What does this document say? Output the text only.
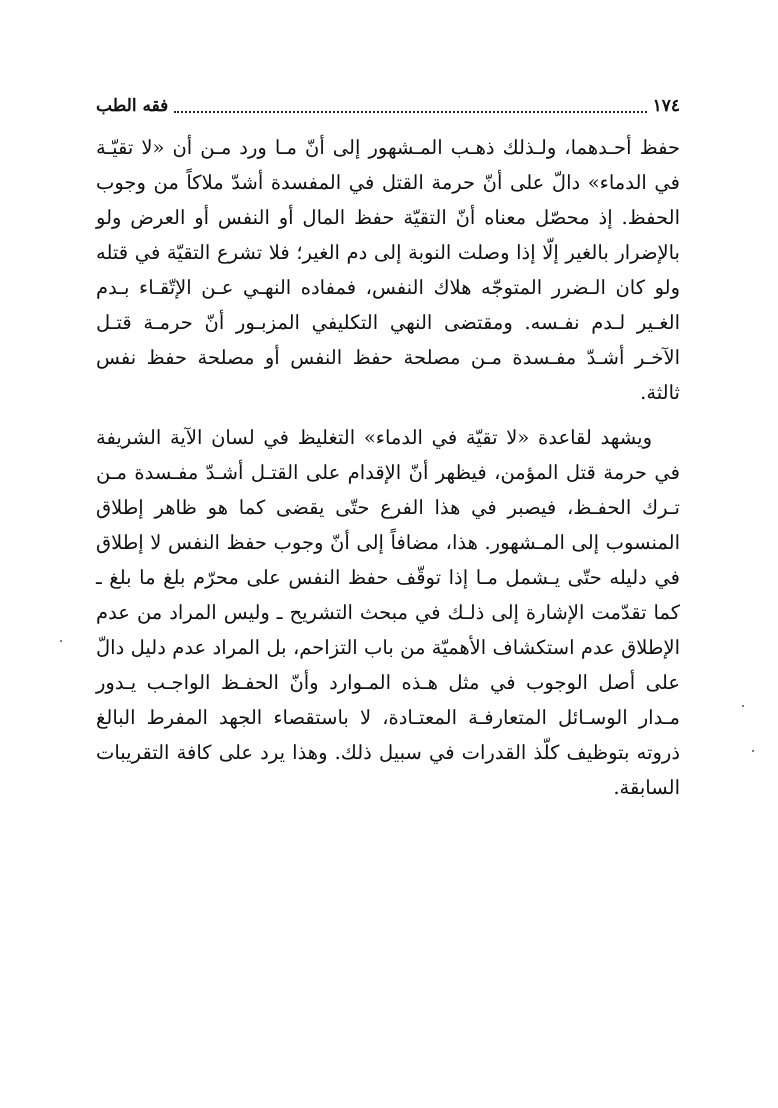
١٧٤
فقه الطب

حفظ أحـدهما، ولـذلك ذهـب المـشهور إلى أنّ مـا ورد مـن أن «لا تقيّـة في الدماء» دالّ على أنّ حرمة القتل في المفسدة أشدّ ملاكاً من وجوب الحفظ. إذ محصّل معناه أنّ التقيّة حفظ المال أو النفس أو العرض ولو بالإضرار بالغير إلّا إذا وصلت النوبة إلى دم الغير؛ فلا تشرع التقيّة في قتله ولو كان الـضرر المتوجّه هلاك النفس، فمفاده النهـي عـن الإتّقـاء بـدم الغـير لـدم نفـسه. ومقتضى النهي التكليفي المزبـور أنّ حرمـة قتـل الآخـر أشـدّ مفـسدة مـن مصلحة حفظ النفس أو مصلحة حفظ نفس ثالثة.

ويشهد لقاعدة «لا تقيّة في الدماء» التغليظ في لسان الآية الشريفة في حرمة قتل المؤمن، فيظهر أنّ الإقدام على القتـل أشـدّ مفـسدة مـن تـرك الحفـظ، فيصبر في هذا الفرع حتّى يقضى كما هو ظاهر إطلاق المنسوب إلى المـشهور. هذا، مضافاً إلى أنّ وجوب حفظ النفس لا إطلاق في دليله حتّى يـشمل مـا إذا توقّف حفظ النفس على محرّم بلغ ما بلغ ـ كما تقدّمت الإشارة إلى ذلـك في مبحث التشريح ـ وليس المراد من عدم الإطلاق عدم استكشاف الأهميّة من باب التزاحم، بل المراد عدم دليل دالّ على أصل الوجوب في مثل هـذه المـوارد وأنّ الحفـظ الواجـب يـدور مـدار الوسـائل المتعارفـة المعتـادة، لا باستقصاء الجهد المفرط البالغ ذروته بتوظيف كلّذ القدرات في سبيل ذلك. وهذا يرد على كافة التقريبات السابقة.
